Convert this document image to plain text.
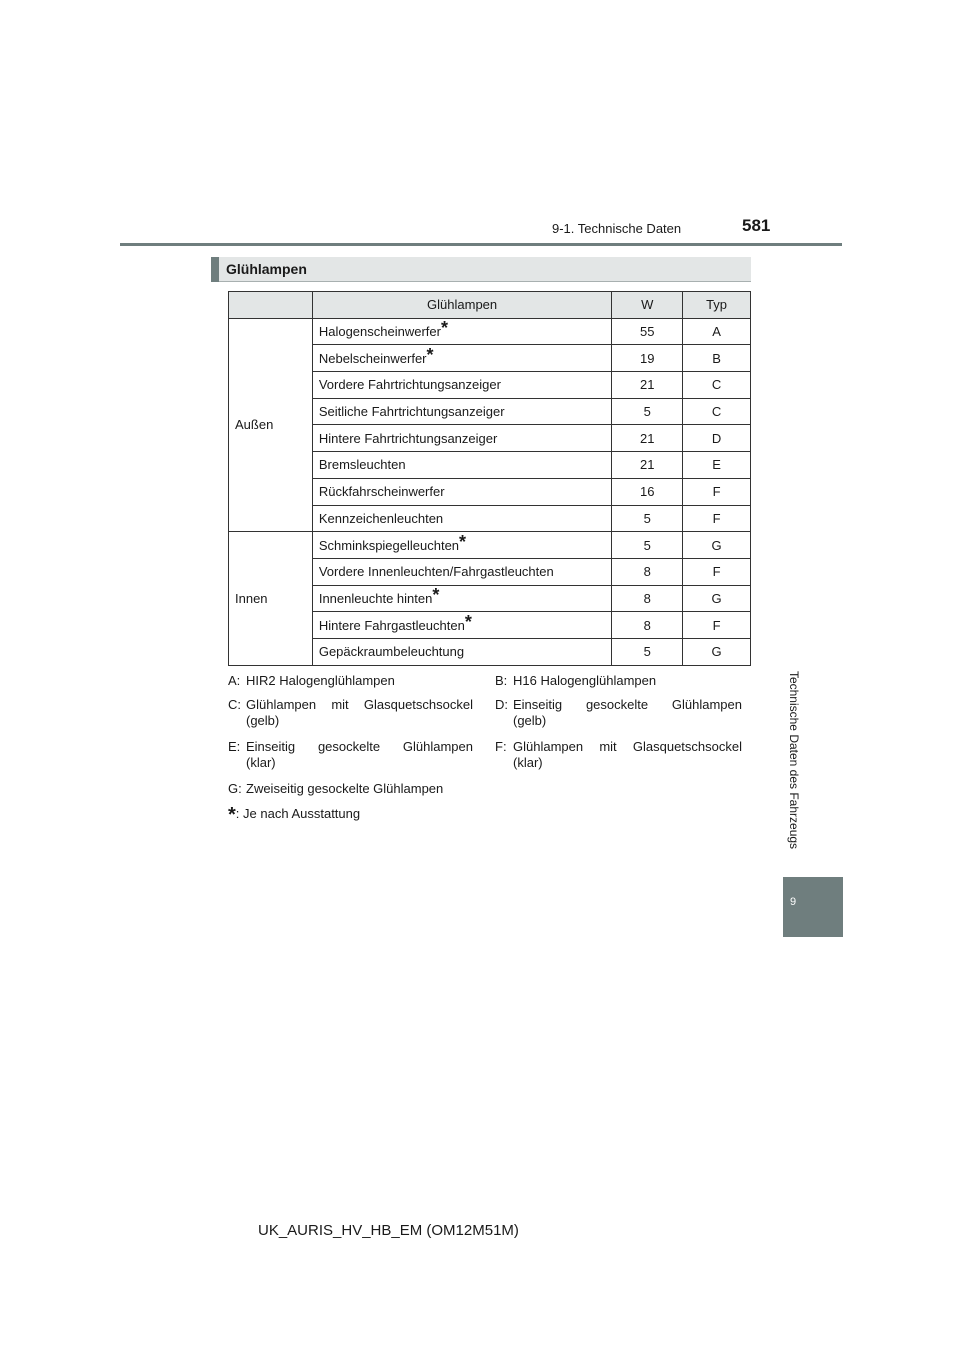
9-1. Technische Daten	581
Technische Daten des Fahrzeugs
9
Glühlampen
	Glühlampen	W	Typ
Außen	Halogenscheinwerfer*	55	A
	Nebelscheinwerfer*	19	B
	Vordere Fahrtrichtungsanzeiger	21	C
	Seitliche Fahrtrichtungsanzeiger	5	C
	Hintere Fahrtrichtungsanzeiger	21	D
	Bremsleuchten	21	E
	Rückfahrscheinwerfer	16	F
	Kennzeichenleuchten	5	F
Innen	Schminkspiegelleuchten*	5	G
	Vordere Innenleuchten/Fahrgastleuchten	8	F
	Innenleuchte hinten*	8	G
	Hintere Fahrgastleuchten*	8	F
	Gepäckraumbeleuchtung	5	G
A: HIR2 Halogenglühlampen	B: H16 Halogenglühlampen
C: Glühlampen mit Glasquetschsockel
(gelb)
D: Einseitig gesockelte Glühlampen
(gelb)
E: Einseitig gesockelte Glühlampen
(klar)
F: Glühlampen mit Glasquetschsockel
(klar)
G: Zweiseitig gesockelte Glühlampen
*: Je nach Ausstattung
UK_AURIS_HV_HB_EM (OM12M51M)
